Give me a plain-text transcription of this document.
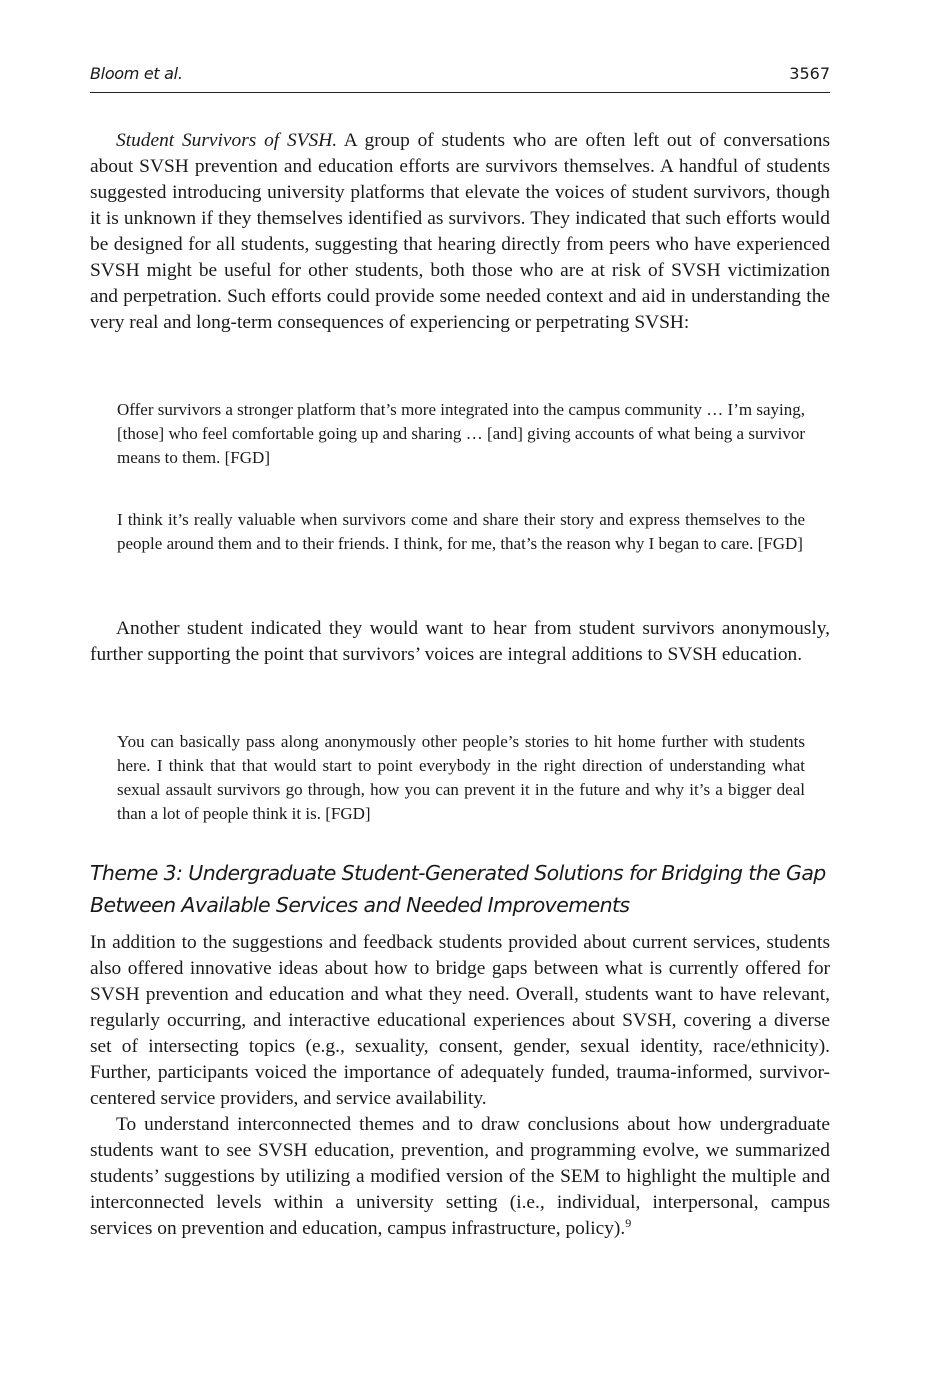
Bloom et al.	3567

Student Survivors of SVSH. A group of students who are often left out of conversations about SVSH prevention and education efforts are survivors themselves. A handful of students suggested introducing university platforms that elevate the voices of student survivors, though it is unknown if they themselves identified as survivors. They indicated that such efforts would be designed for all students, suggesting that hearing directly from peers who have experienced SVSH might be useful for other students, both those who are at risk of SVSH victimization and perpetration. Such efforts could provide some needed context and aid in understanding the very real and long-term consequences of experiencing or perpetrating SVSH:

Offer survivors a stronger platform that’s more integrated into the campus community … I’m saying, [those] who feel comfortable going up and sharing … [and] giving accounts of what being a survivor means to them. [FGD]

I think it’s really valuable when survivors come and share their story and express themselves to the people around them and to their friends. I think, for me, that’s the reason why I began to care. [FGD]

Another student indicated they would want to hear from student survivors anonymously, further supporting the point that survivors’ voices are integral additions to SVSH education.

You can basically pass along anonymously other people’s stories to hit home further with students here. I think that that would start to point everybody in the right direction of understanding what sexual assault survivors go through, how you can prevent it in the future and why it’s a bigger deal than a lot of people think it is. [FGD]

Theme 3: Undergraduate Student-Generated Solutions for Bridging the Gap Between Available Services and Needed Improvements

In addition to the suggestions and feedback students provided about current services, students also offered innovative ideas about how to bridge gaps between what is currently offered for SVSH prevention and education and what they need. Overall, students want to have relevant, regularly occurring, and interactive educational experiences about SVSH, covering a diverse set of intersecting topics (e.g., sexuality, consent, gender, sexual identity, race/ethnicity). Further, participants voiced the importance of adequately funded, trauma-informed, survivor-centered service providers, and service availability.

To understand interconnected themes and to draw conclusions about how undergraduate students want to see SVSH education, prevention, and programming evolve, we summarized students’ suggestions by utilizing a modified version of the SEM to highlight the multiple and interconnected levels within a university setting (i.e., individual, interpersonal, campus services on prevention and education, campus infrastructure, policy).$^9$
